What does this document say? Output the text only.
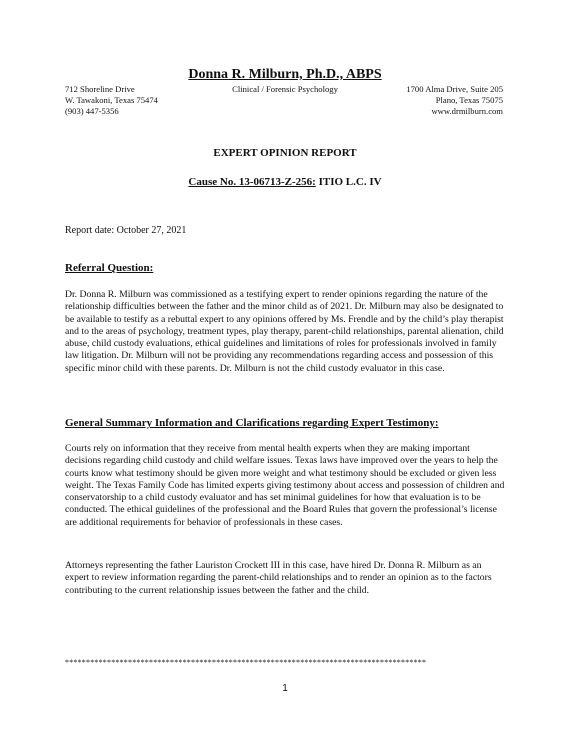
Donna R. Milburn, Ph.D., ABPS
712 Shoreline Drive
W. Tawakoni, Texas 75474
(903) 447-5356
Clinical / Forensic Psychology	1700 Alma Drive, Suite 205
Plano, Texas 75075
www.drmilburn.com
EXPERT OPINION REPORT
Cause No. 13-06713-Z-256: ITIO L.C. IV
Report date: October 27, 2021
Referral Question:

Dr. Donna R. Milburn was commissioned as a testifying expert to render opinions regarding the nature of the relationship difficulties between the father and the minor child as of 2021. Dr. Milburn may also be designated to be available to testify as a rebuttal expert to any opinions offered by Ms. Frendle and by the child’s play therapist and to the areas of psychology, treatment types, play therapy, parent-child relationships, parental alienation, child abuse, child custody evaluations, ethical guidelines and limitations of roles for professionals involved in family law litigation. Dr. Milburn will not be providing any recommendations regarding access and possession of this specific minor child with these parents. Dr. Milburn is not the child custody evaluator in this case.

General Summary Information and Clarifications regarding Expert Testimony:

Courts rely on information that they receive from mental health experts when they are making important decisions regarding child custody and child welfare issues. Texas laws have improved over the years to help the courts know what testimony should be given more weight and what testimony should be excluded or given less weight. The Texas Family Code has limited experts giving testimony about access and possession of children and conservatorship to a child custody evaluator and has set minimal guidelines for how that evaluation is to be conducted. The ethical guidelines of the professional and the Board Rules that govern the professional’s license are additional requirements for behavior of professionals in these cases.

Attorneys representing the father Lauriston Crockett III in this case, have hired Dr. Donna R. Milburn as an expert to review information regarding the parent-child relationships and to render an opinion as to the factors contributing to the current relationship issues between the father and the child.

**************************************************************************************
1
